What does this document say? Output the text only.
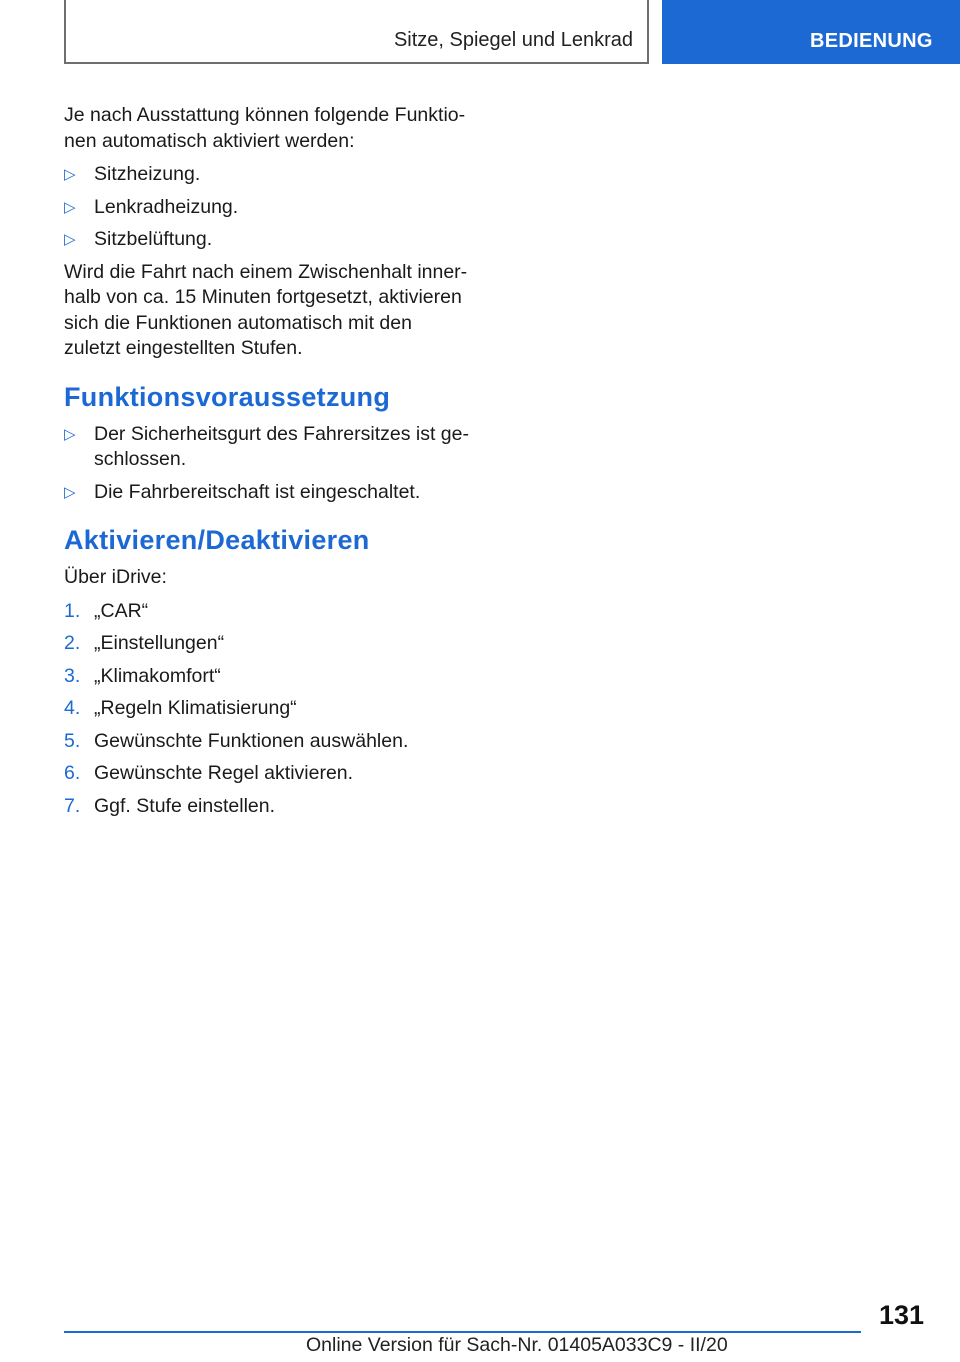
Sitze, Spiegel und Lenkrad	BEDIENUNG

Je nach Ausstattung können folgende Funktio-nen automatisch aktiviert werden:

▷ Sitzheizung.
▷ Lenkradheizung.
▷ Sitzbelüftung.

Wird die Fahrt nach einem Zwischenhalt inner-halb von ca. 15 Minuten fortgesetzt, aktivieren sich die Funktionen automatisch mit den zuletzt eingestellten Stufen.

Funktionsvoraussetzung
▷ Der Sicherheitsgurt des Fahrersitzes ist ge-schlossen.
▷ Die Fahrbereitschaft ist eingeschaltet.
Aktivieren/Deaktivieren

Über iDrive:

1. „CAR“
2. „Einstellungen“
3. „Klimakomfort“
4. „Regeln Klimatisierung“
5. Gewünschte Funktionen auswählen.
6. Gewünschte Regel aktivieren.
7. Ggf. Stufe einstellen.
131
Online Version für Sach-Nr. 01405A033C9 - II/20
